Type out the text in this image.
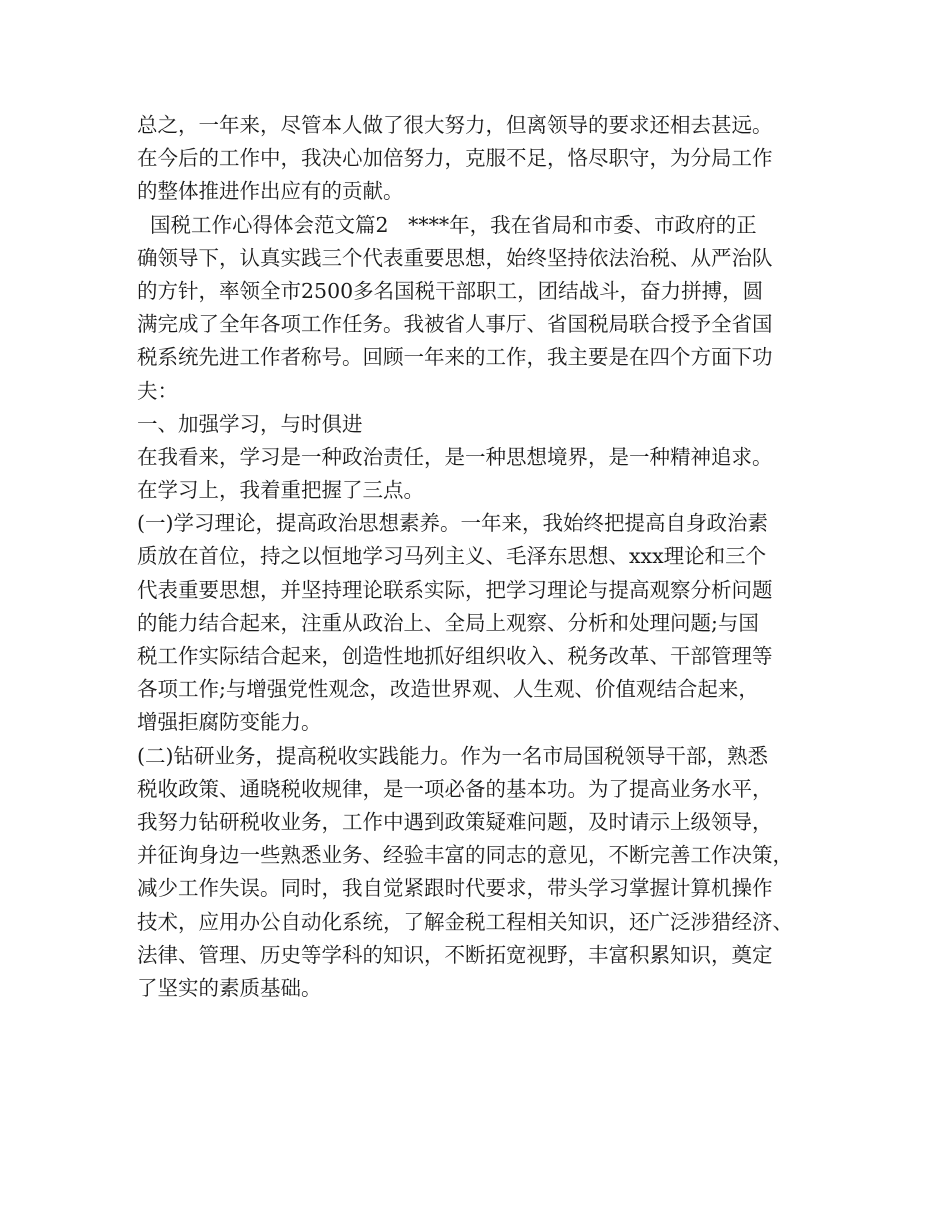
总之，一年来，尽管本人做了很大努力，但离领导的要求还相去甚远。
在今后的工作中，我决心加倍努力，克服不足，恪尽职守，为分局工作
的整体推进作出应有的贡献。
国税工作心得体会范文篇2   ****年，我在省局和市委、市政府的正
确领导下，认真实践三个代表重要思想，始终坚持依法治税、从严治队
的方针，率领全市2500多名国税干部职工，团结战斗，奋力拼搏，圆
满完成了全年各项工作任务。我被省人事厅、省国税局联合授予全省国
税系统先进工作者称号。回顾一年来的工作，我主要是在四个方面下功
夫：
一、加强学习，与时俱进
在我看来，学习是一种政治责任，是一种思想境界，是一种精神追求。
在学习上，我着重把握了三点。
(一)学习理论，提高政治思想素养。一年来，我始终把提高自身政治素
质放在首位，持之以恒地学习马列主义、毛泽东思想、xxx理论和三个
代表重要思想，并坚持理论联系实际，把学习理论与提高观察分析问题
的能力结合起来，注重从政治上、全局上观察、分析和处理问题;与国
税工作实际结合起来，创造性地抓好组织收入、税务改革、干部管理等
各项工作;与增强党性观念，改造世界观、人生观、价值观结合起来，
增强拒腐防变能力。
(二)钻研业务，提高税收实践能力。作为一名市局国税领导干部，熟悉
税收政策、通晓税收规律，是一项必备的基本功。为了提高业务水平，
我努力钻研税收业务，工作中遇到政策疑难问题，及时请示上级领导，
并征询身边一些熟悉业务、经验丰富的同志的意见，不断完善工作决策，
减少工作失误。同时，我自觉紧跟时代要求，带头学习掌握计算机操作
技术，应用办公自动化系统，了解金税工程相关知识，还广泛涉猎经济、
法律、管理、历史等学科的知识，不断拓宽视野，丰富积累知识，奠定
了坚实的素质基础。
